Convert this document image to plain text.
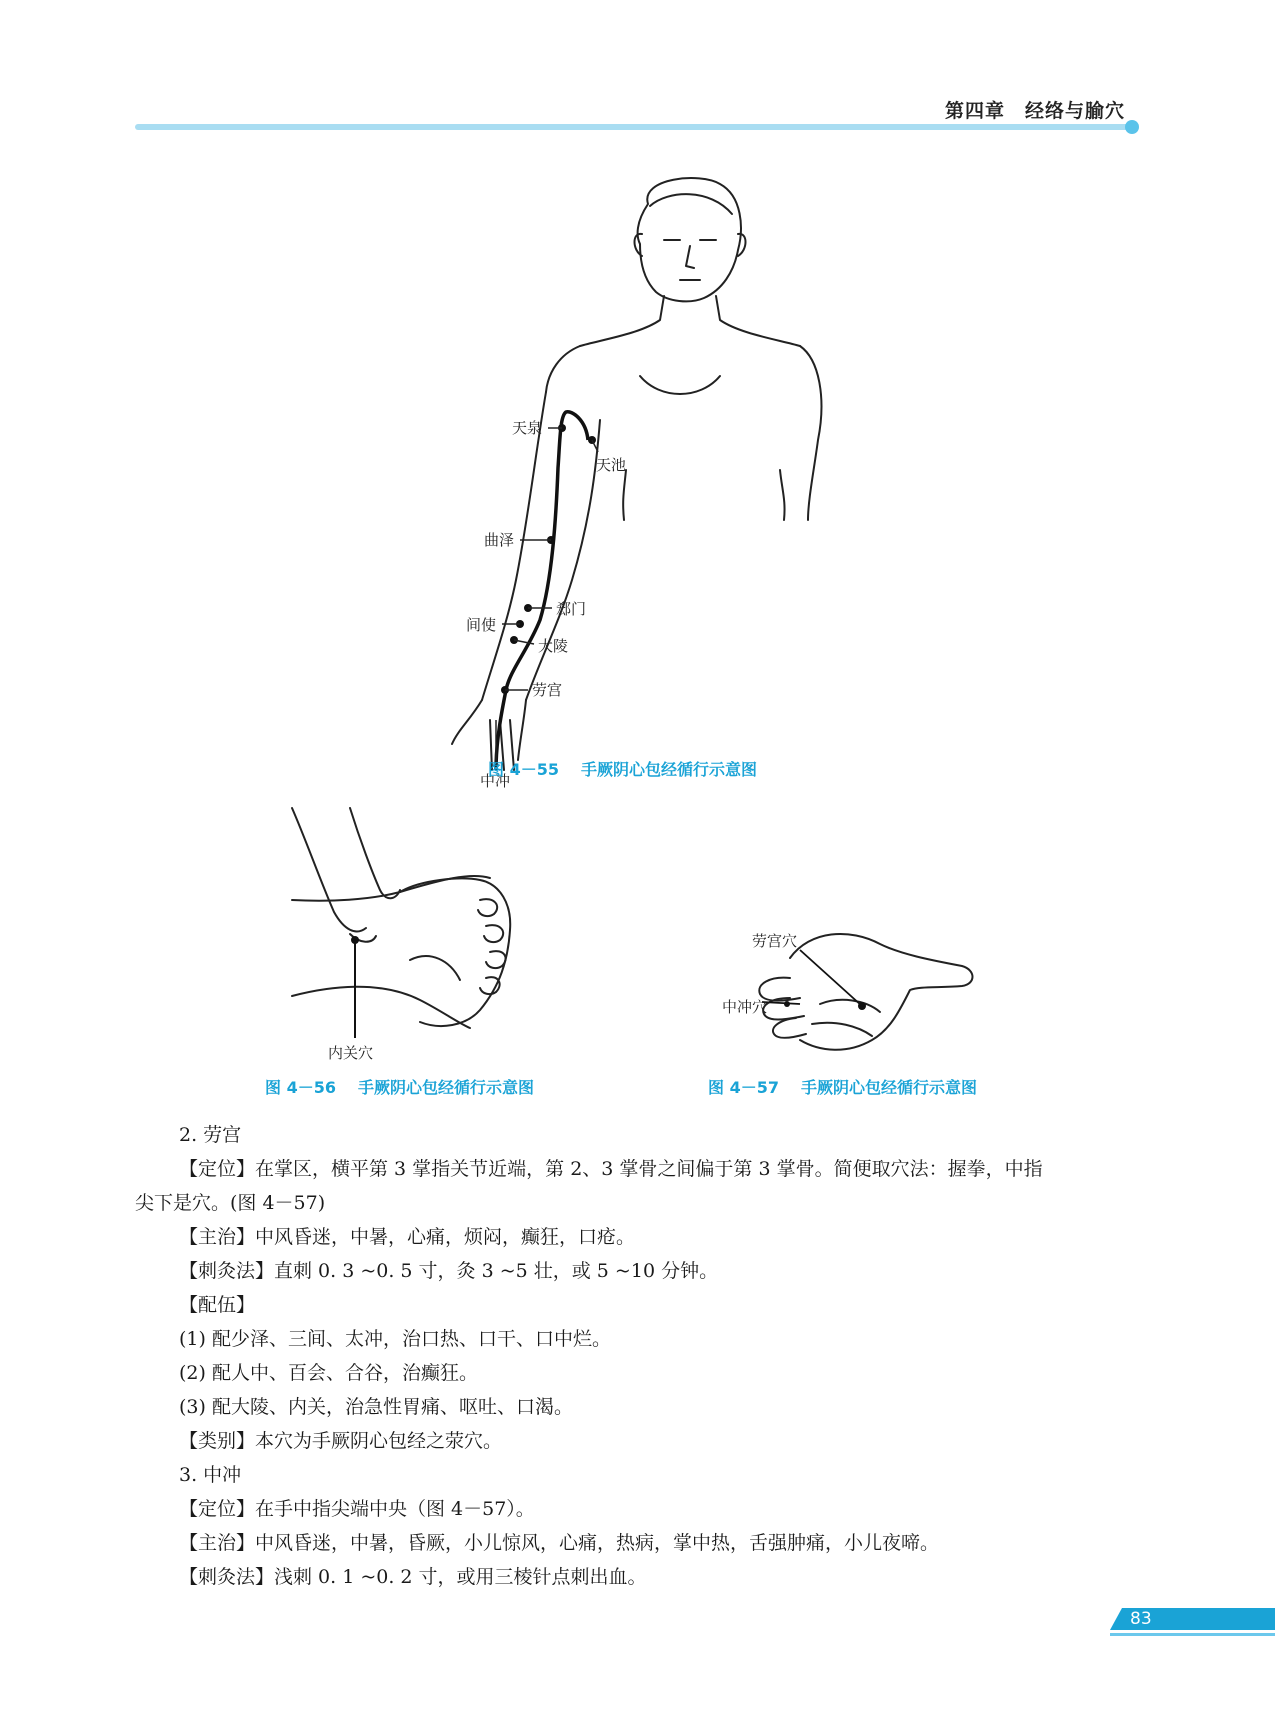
第四章　经络与腧穴
天泉
天池
曲泽
郄门
间使
大陵
劳宫
中冲
图 4－55 手厥阴心包经循行示意图
内关穴
图 4－56 手厥阴心包经循行示意图
劳宫穴
中冲穴
图 4－57 手厥阴心包经循行示意图

2. 劳宫

【定位】在掌区，横平第 3 掌指关节近端，第 2、3 掌骨之间偏于第 3 掌骨。简便取穴法：握拳，中指

尖下是穴。(图 4－57)

【主治】中风昏迷，中暑，心痛，烦闷，癫狂，口疮。

【刺灸法】直刺 0. 3 ~0. 5 寸，灸 3 ~5 壮，或 5 ~10 分钟。

【配伍】

(1) 配少泽、三间、太冲，治口热、口干、口中烂。

(2) 配人中、百会、合谷，治癫狂。

(3) 配大陵、内关，治急性胃痛、呕吐、口渴。

【类别】本穴为手厥阴心包经之荥穴。

3. 中冲

【定位】在手中指尖端中央（图 4－57）。

【主治】中风昏迷，中暑，昏厥，小儿惊风，心痛，热病，掌中热，舌强肿痛，小儿夜啼。

【刺灸法】浅刺 0. 1 ~0. 2 寸，或用三棱针点刺出血。

83
